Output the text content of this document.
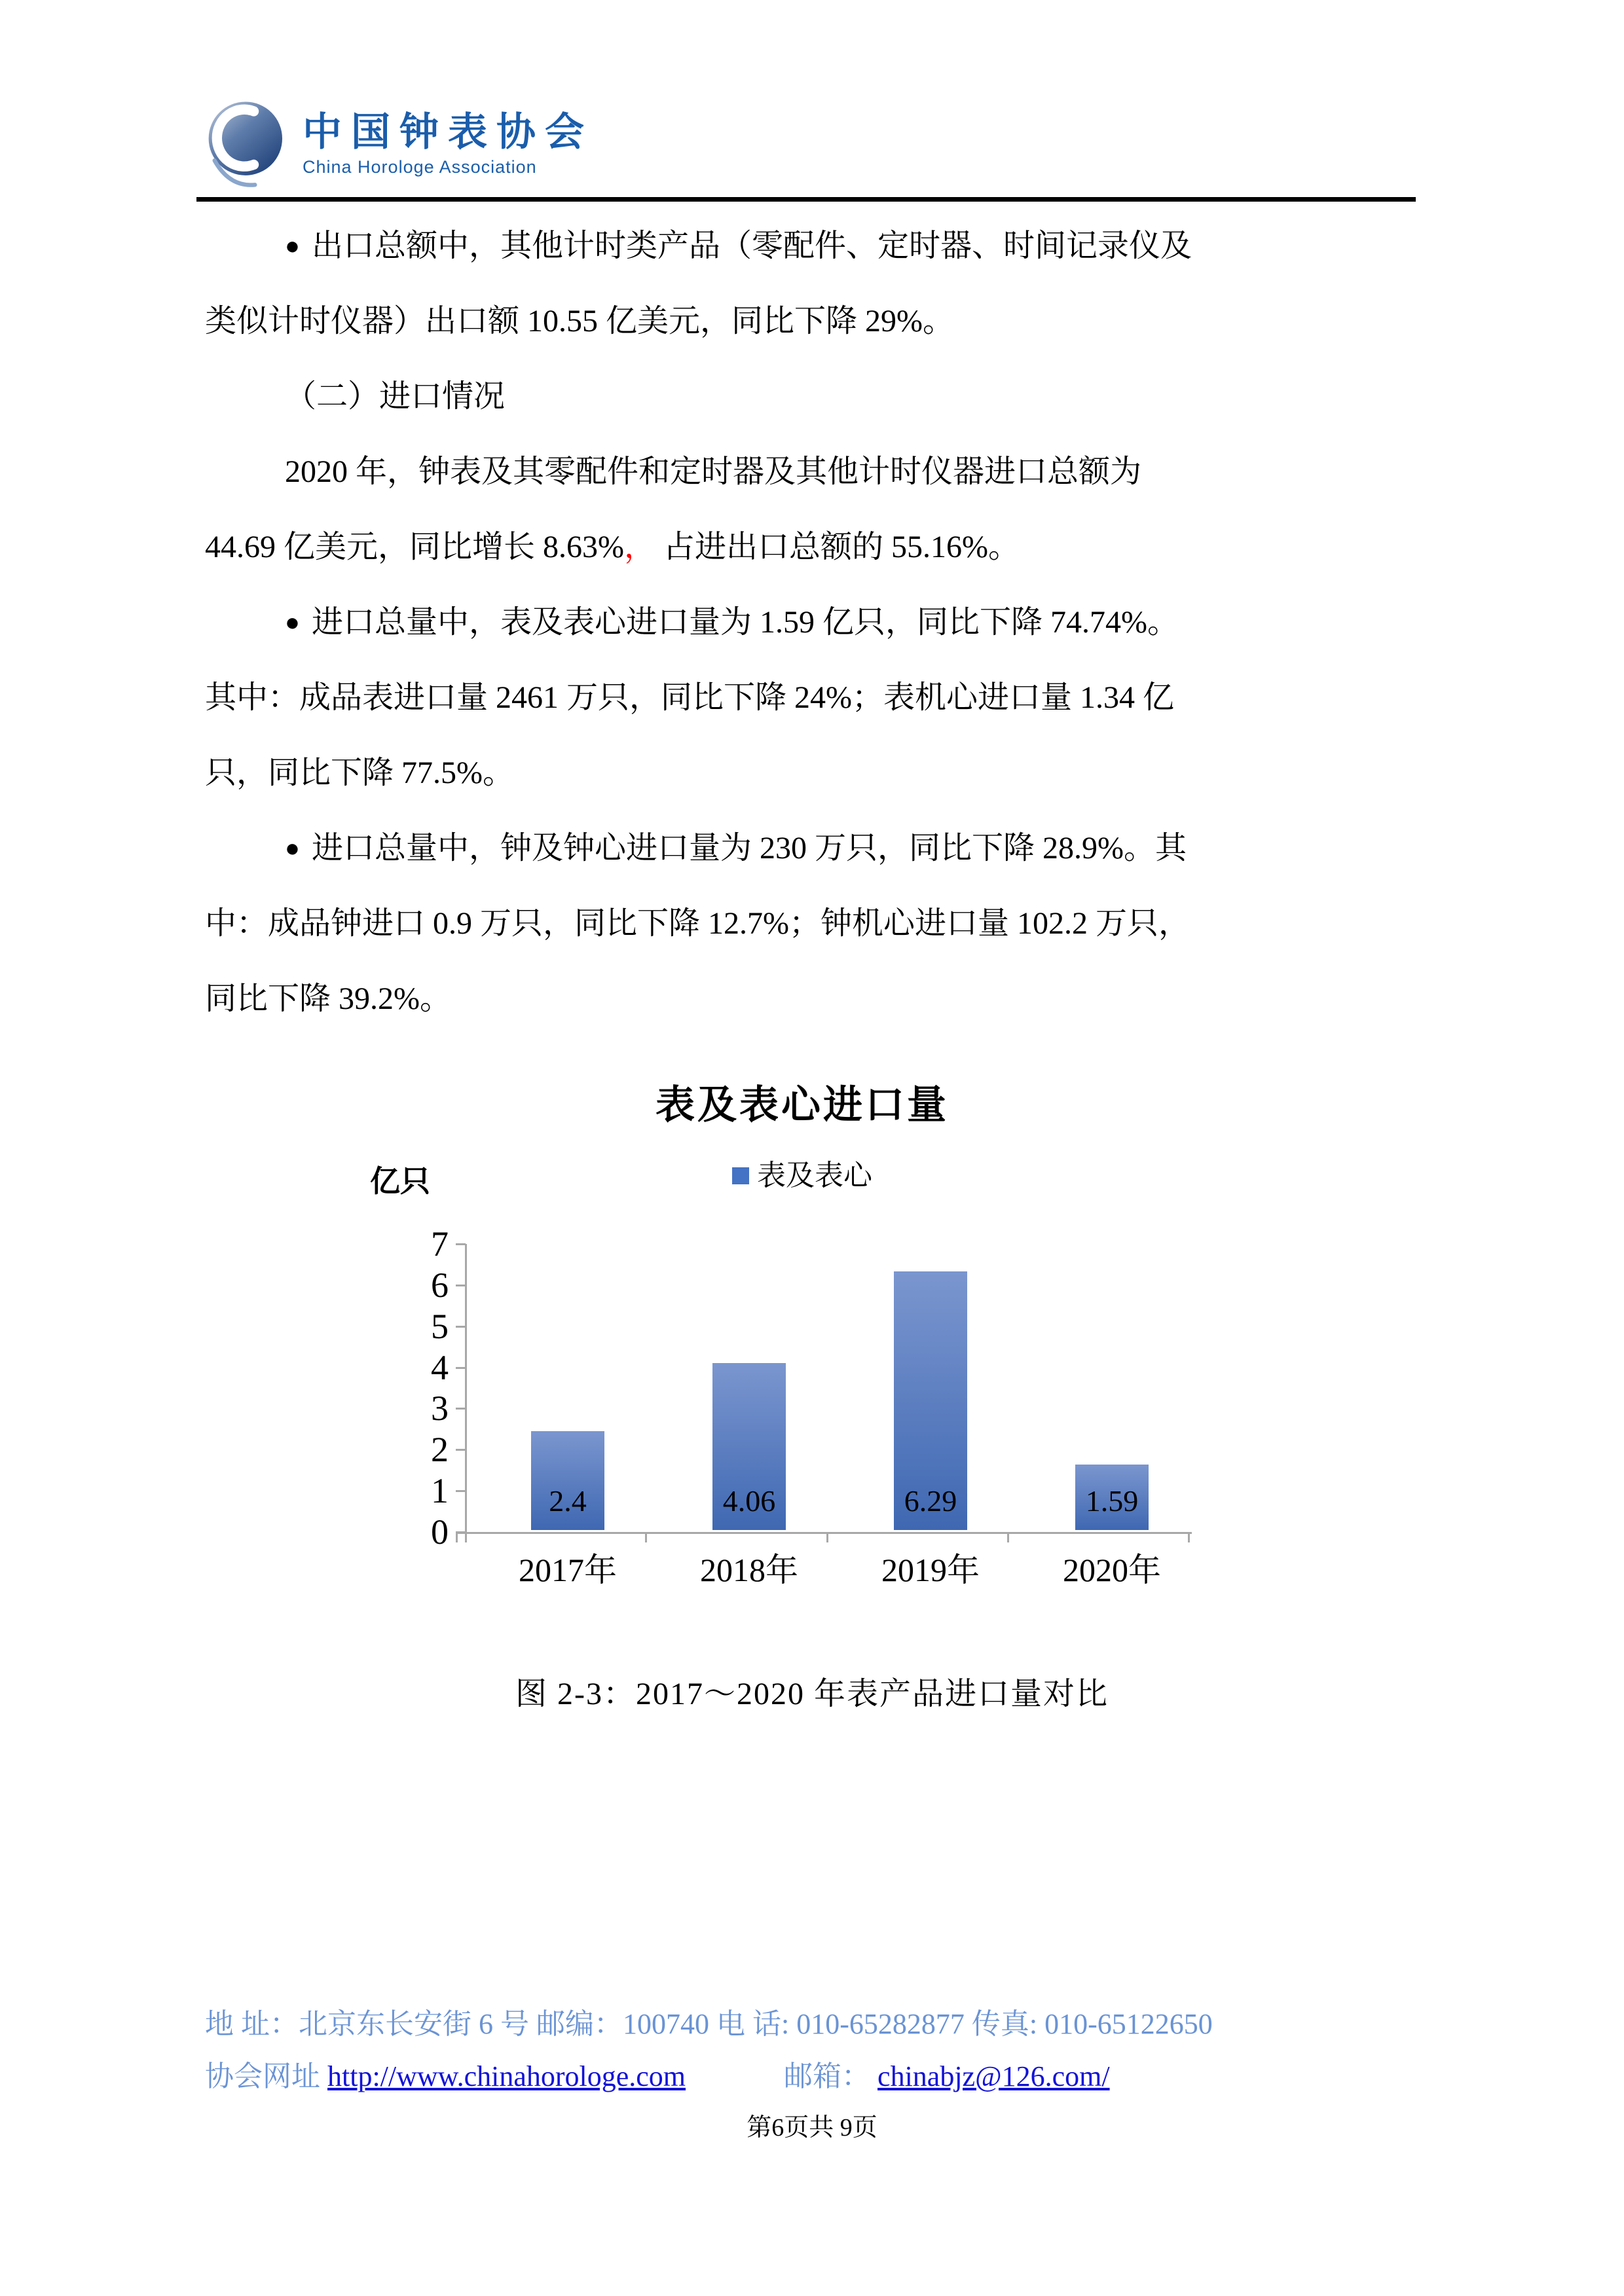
中国钟表协会
China Horologe Association
● 出口总额中，其他计时类产品（零配件、定时器、时间记录仪及
类似计时仪器）出口额 10.55 亿美元，同比下降 29%。
（二）进口情况
2020 年，钟表及其零配件和定时器及其他计时仪器进口总额为
44.69 亿美元，同比增长 8.63%， 占进出口总额的 55.16%。
● 进口总量中，表及表心进口量为 1.59 亿只，同比下降 74.74%。
其中：成品表进口量 2461 万只，同比下降 24%；表机心进口量 1.34 亿
只，同比下降 77.5%。
● 进口总量中，钟及钟心进口量为 230 万只，同比下降 28.9%。其
中：成品钟进口 0.9 万只，同比下降 12.7%；钟机心进口量 102.2 万只，
同比下降 39.2%。
表及表心进口量
亿只	表及表心
7
6
5
4
3
2
1
0
2.4	4.06	6.29	1.59
2017年	2018年	2019年	2020年
图 2-3：2017～2020 年表产品进口量对比
地 址：北京东长安街 6 号 邮编：100740 电 话: 010-65282877 传真: 010-65122650
协会网址 http://www.chinahorologe.com	邮箱： chinabjz@126.com/
第6页共 9页
